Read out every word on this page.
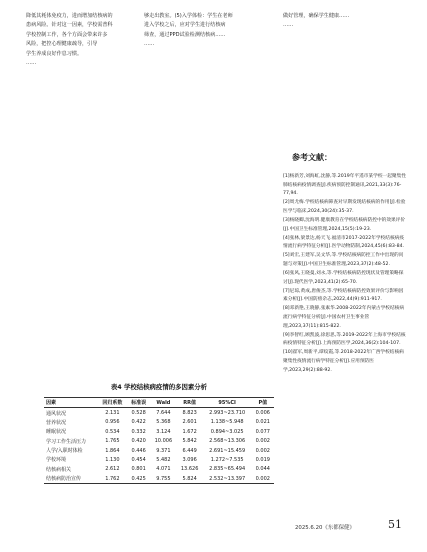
降低其耗体免疫力，进而增加结核病的
患病风险。针对这一因素，学校需普科
学校控制工作，各个方面会带来许多
风险，把控心理健康疏导，引导
学生养成良好作息习惯。
……
够走出教室。(5)入学体检：学生在老师
进入学校之后，应对学生进行结核病
筛查，通过PPD试验检测结核病……
……
做好管理，确保学生健康……
……
参考文献：
[1]杨新芳,刘海虹,沈静,等.2019年平遥市某学校一起聚集性肺结核病疫情调查[J].疾病预防控制通讯,2021,33(3):76-77,94.
[2]周尤梅.学校结核病筛查对早期发现结核病的作用[J].检验医学与临床,2024,30(24):35-37.
[3]杨晓卿,沈海明.健康教育在学校结核病防控中的效果评价[J].中国卫生标准管理,2024,15(5):19-23.
[4]张林,梁景达,杨天飞.福清市2017-2022年学校结核病疫情流行病学特征分析[J].医学动物防制,2024,45(6):83-84.
[5]刘宏,王建军,吴文华,等.学校结核病防控工作中出现的问题与对策[J].中国卫生标准管理,2023,37(2):48-52.
[6]张风,王晓曼,刘永,等.学校结核病防控现状及管理策略探讨[J].现代医学,2023,41(2):65-70.
[7]尼琼,黄成,唐俊杰,等.学校结核病防控效果评价与影响因素分析[J].中国防痨杂志,2022,44(9):911-917.
[8]邓新艳,王晓静,张素华.2008-2022年内蒙古学校结核病流行病学特征分析[J].中国农村卫生事业管理,2023,37(11):815-822.
[9]李智红,顾凯波,徐思思,等.2019-2022年上海市学校结核病疫情特征分析[J].上海预防医学,2024,36(2):104-107.
[10]翟军,周新平,谭纹霞,等.2018-2022年广西学校结核病聚集性疫情流行病学特征分析[J].应用预防医学,2023,29(2):88-92.
表4 学校结核病疫情的多因素分析
因素	回归系数	标准误	Wald	RR值	95%CI	P值
通风状况	2.131	0.528	7.644	8.823	2.993~23.710	0.006
营养状况	0.956	0.422	5.368	2.601	1.138~5.948	0.021
睡眠状况	0.534	0.332	3.124	1.672	0.894~3.025	0.077
学习工作生活压力	1.765	0.420	10.006	5.842	2.568~13.306	0.002
人学/入职时体检	1.864	0.446	9.371	6.449	2.691~15.459	0.002
学校环境	1.130	0.454	5.482	3.096	1.272~7.535	0.019
结核病相关	2.612	0.801	4.071	13.626	2.835~65.494	0.044
结核病防治宣传	1.762	0.425	9.755	5.824	2.532~13.397	0.002
2025.6.20《东都保健》	51
